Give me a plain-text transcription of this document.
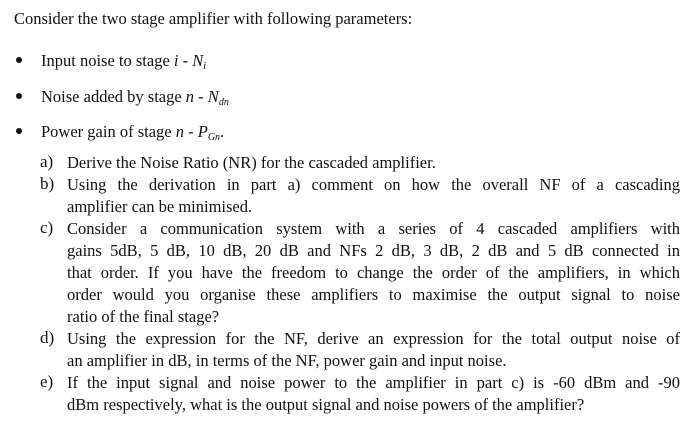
Consider the two stage amplifier with following parameters:
Input noise to stage i - $N_i$
Noise added by stage n - $N_{dn}$
Power gain of stage n - $P_{Gn}$.
a) Derive the Noise Ratio (NR) for the cascaded amplifier.
b) Using the derivation in part a) comment on how the overall NF of a cascading
amplifier can be minimised.
c) Consider a communication system with a series of 4 cascaded amplifiers with
gains 5dB, 5 dB, 10 dB, 20 dB and NFs 2 dB, 3 dB, 2 dB and 5 dB connected in
that order. If you have the freedom to change the order of the amplifiers, in which
order would you organise these amplifiers to maximise the output signal to noise
ratio of the final stage?
d) Using the expression for the NF, derive an expression for the total output noise of
an amplifier in dB, in terms of the NF, power gain and input noise.
e) If the input signal and noise power to the amplifier in part c) is -60 dBm and -90
dBm respectively, what is the output signal and noise powers of the amplifier?
